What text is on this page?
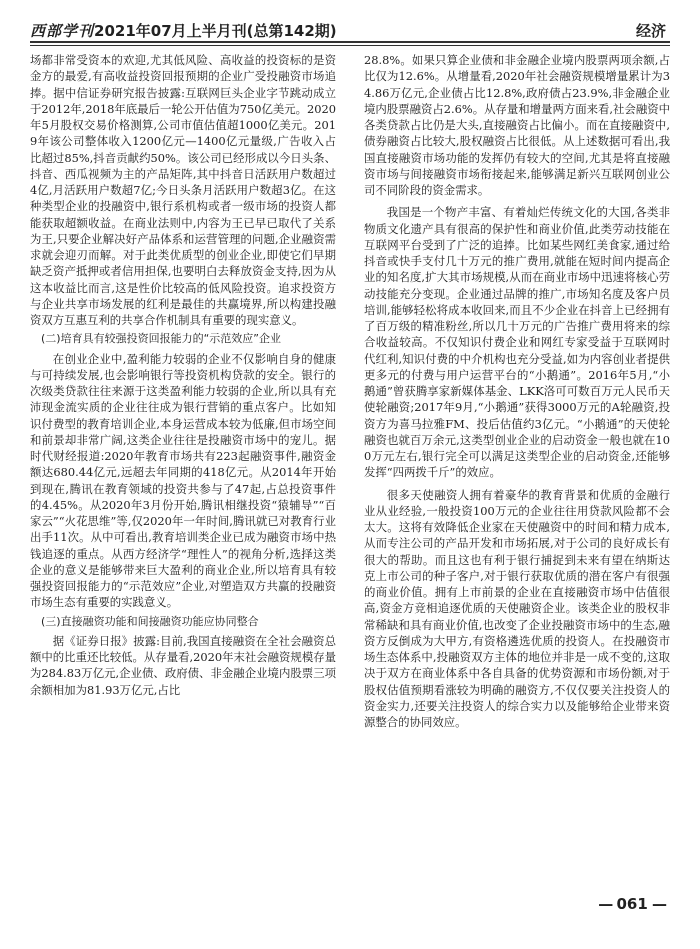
西部学刊2021年07月上半月刊(总第142期)	经济

场都非常受资本的欢迎,尤其低风险、高收益的投资标的是资金方的最爱,有高收益投资回报预期的企业广受投融资市场追捧。据中信证券研究报告披露:互联网巨头企业字节跳动成立于2012年,2018年底最后一轮公开估值为750亿美元。2020年5月股权交易价格测算,公司市值估值超1000亿美元。2019年该公司整体收入1200亿元—1400亿元量级,广告收入占比超过85%,抖音贡献约50%。该公司已经形成以今日头条、抖音、西瓜视频为主的产品矩阵,其中抖音日活跃用户数超过4亿,月活跃用户数超7亿;今日头条月活跃用户数超3亿。在这种类型企业的投融资中,银行系机构或者一级市场的投资人都能获取超额收益。在商业法则中,内容为王已早已取代了关系为王,只要企业解决好产品体系和运营管理的问题,企业融资需求就会迎刃而解。对于此类优质型的创业企业,即使它们早期缺乏资产抵押或者信用担保,也要明白去释放资金支持,因为从这本收益比而言,这是性价比较高的低风险投资。追求投资方与企业共享市场发展的红利是最佳的共赢境界,所以构建投融资双方互惠互利的共享合作机制具有重要的现实意义。

(二)培育具有较强投资回报能力的“示范效应”企业

在创业企业中,盈利能力较弱的企业不仅影响自身的健康与可持续发展,也会影响银行等投资机构贷款的安全。银行的次级类贷款往往来源于这类盈利能力较弱的企业,所以具有充沛现金流实质的企业往往成为银行营销的重点客户。比如知识付费型的教育培训企业,本身运营成本较为低廉,但市场空间和前景却非常广阔,这类企业往往是投融资市场中的宠儿。据时代财经报道:2020年教育市场共有223起融资事件,融资金额达680.44亿元,远超去年同期的418亿元。从2014年开始到现在,腾讯在教育领域的投资共参与了47起,占总投资事件的4.45%。从2020年3月份开始,腾讯相继投资“猿辅导”“百家云”“火花思维”等,仅2020年一年时间,腾讯就已对教育行业出手11次。从中可看出,教育培训类企业已成为融资市场中热钱追逐的重点。从西方经济学“理性人”的视角分析,选择这类企业的意义是能够带来巨大盈利的商业企业,所以培育具有较强投资回报能力的“示范效应”企业,对塑造双方共赢的投融资市场生态有重要的实践意义。

(三)直接融资功能和间接融资功能应协同整合

据《证券日报》披露:目前,我国直接融资在全社会融资总额中的比重还比较低。从存量看,2020年末社会融资规模存量为284.83万亿元,企业债、政府债、非金融企业境内股票三项余额相加为81.93万亿元,占比

28.8%。如果只算企业债和非金融企业境内股票两项余额,占比仅为12.6%。从增量看,2020年社会融资规模增量累计为34.86万亿元,企业债占比12.8%,政府债占23.9%,非金融企业境内股票融资占2.6%。从存量和增量两方面来看,社会融资中各类贷款占比仍是大头,直接融资占比偏小。而在直接融资中,债券融资占比较大,股权融资占比很低。从上述数据可看出,我国直接融资市场功能的发挥仍有较大的空间,尤其是将直接融资市场与间接融资市场衔接起来,能够满足新兴互联网创业公司不同阶段的资金需求。

我国是一个物产丰富、有着灿烂传统文化的大国,各类非物质文化遗产具有很高的保护性和商业价值,此类劳动技能在互联网平台受到了广泛的追捧。比如某些网红美食家,通过给抖音或快手支付几十万元的推广费用,就能在短时间内提高企业的知名度,扩大其市场规模,从而在商业市场中迅速将核心劳动技能充分变现。企业通过品牌的推广,市场知名度及客户员培训,能够轻松将成本收回来,而且不少企业在抖音上已经拥有了百万级的精准粉丝,所以几十万元的广告推广费用将来的综合收益较高。不仅知识付费企业和网红专家受益于互联网时代红利,知识付费的中介机构也充分受益,如为内容创业者提供更多元的付费与用户运营平台的“小鹅通”。2016年5月,“小鹅通”曾获腾享家新媒体基金、LKK洛可可数百万元人民币天使轮融资;2017年9月,“小鹅通”获得3000万元的A轮融资,投资方为喜马拉雅FM、投后估值约3亿元。“小鹅通”的天使轮融资也就百万余元,这类型创业企业的启动资金一般也就在100万元左右,银行完全可以满足这类型企业的启动资金,还能够发挥“四两拨千斤”的效应。

很多天使融资人拥有着豪华的教育背景和优质的金融行业从业经验,一般投资100万元的企业往往用贷款风险都不会太大。这将有效降低企业家在天使融资中的时间和精力成本,从而专注公司的产品开发和市场拓展,对于公司的良好成长有很大的帮助。而且这也有利于银行捕捉到未来有望在纳斯达克上市公司的种子客户,对于银行获取优质的潜在客户有很强的商业价值。拥有上市前景的企业在直接融资市场中估值很高,资金方竞相追逐优质的天使融资企业。该类企业的股权非常稀缺和具有商业价值,也改变了企业投融资市场中的生态,融资方反倒成为大甲方,有资格遴选优质的投资人。在投融资市场生态体系中,投融资双方主体的地位并非是一成不变的,这取决于双方在商业体系中各自具备的优势资源和市场份额,对于股权估值预期看涨较为明确的融资方,不仅仅要关注投资人的资金实力,还要关注投资人的综合实力以及能够给企业带来资源整合的协同效应。

— 061 —
